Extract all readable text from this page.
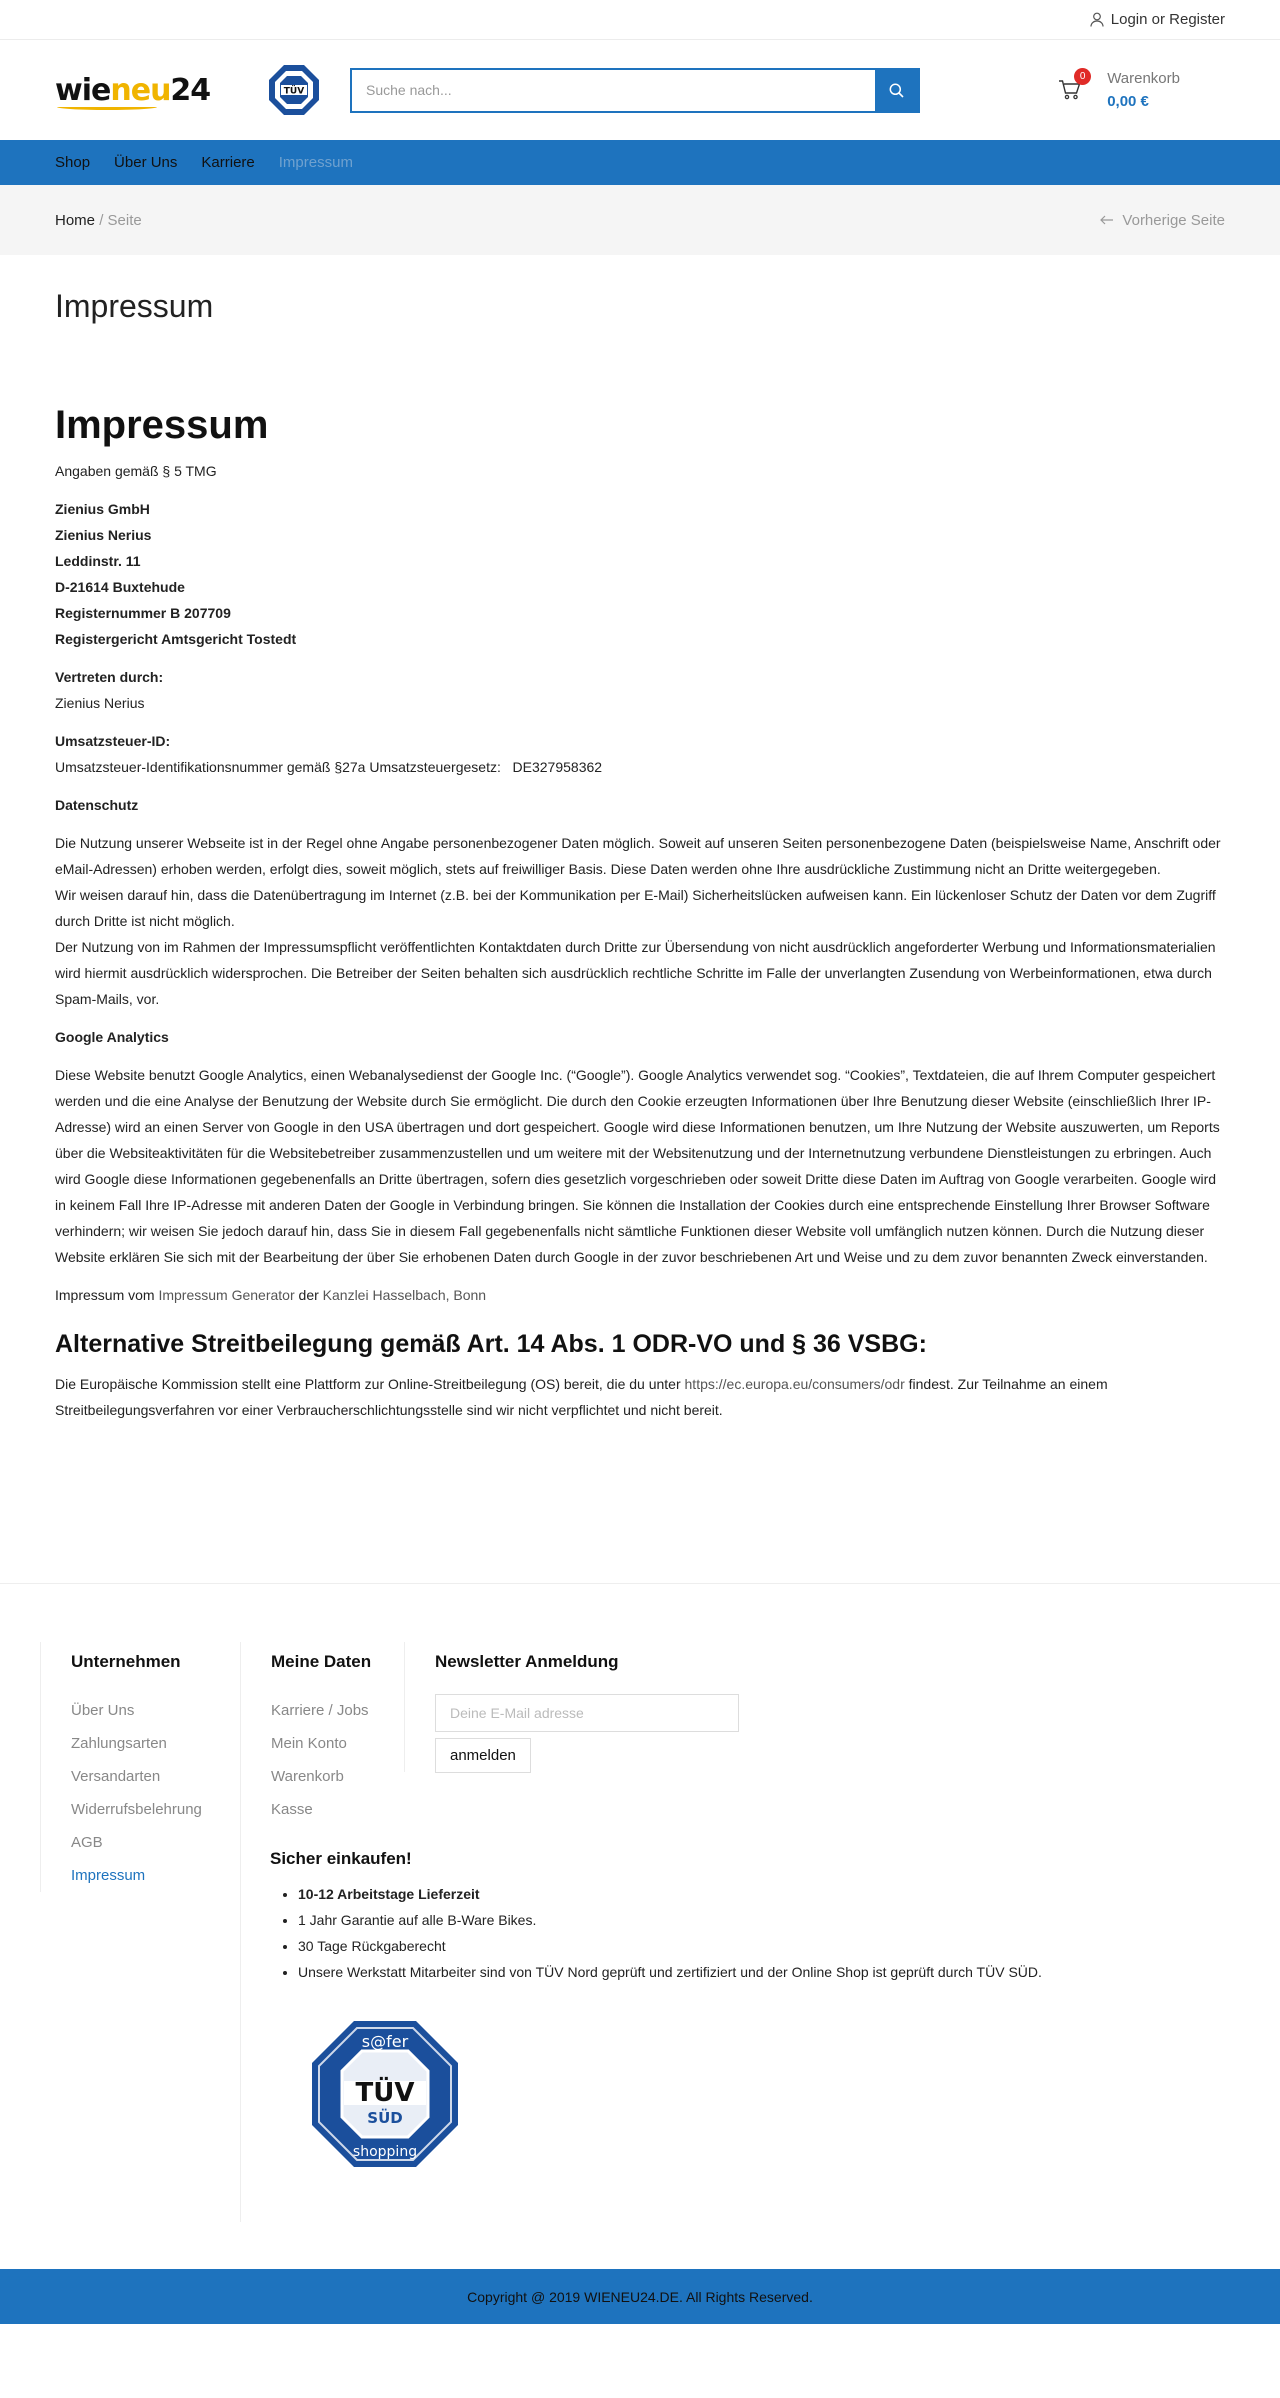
Login or Register
wieneu24	TÜV
Suche nach...
0	Warenkorb
0,00 €
Shop Über Uns Karriere Impressum
Home / Seite	Vorherige Seite
Impressum
Impressum

Angaben gemäß § 5 TMG

Zienius GmbH
Zienius Nerius
Leddinstr. 11
D-21614 Buxtehude
Registernummer B 207709
Registergericht Amtsgericht Tostedt
Vertreten durch:
Zienius Nerius
Umsatzsteuer-ID:
Umsatzsteuer-Identifikationsnummer gemäß §27a Umsatzsteuergesetz:   DE327958362
Datenschutz

Die Nutzung unserer Webseite ist in der Regel ohne Angabe personenbezogener Daten möglich. Soweit auf unseren Seiten personenbezogene Daten (beispielsweise Name, Anschrift oder eMail-Adressen) erhoben werden, erfolgt dies, soweit möglich, stets auf freiwilliger Basis. Diese Daten werden ohne Ihre ausdrückliche Zustimmung nicht an Dritte weitergegeben.

Wir weisen darauf hin, dass die Datenübertragung im Internet (z.B. bei der Kommunikation per E-Mail) Sicherheitslücken aufweisen kann. Ein lückenloser Schutz der Daten vor dem Zugriff durch Dritte ist nicht möglich.

Der Nutzung von im Rahmen der Impressumspflicht veröffentlichten Kontaktdaten durch Dritte zur Übersendung von nicht ausdrücklich angeforderter Werbung und Informationsmaterialien wird hiermit ausdrücklich widersprochen. Die Betreiber der Seiten behalten sich ausdrücklich rechtliche Schritte im Falle der unverlangten Zusendung von Werbeinformationen, etwa durch Spam-Mails, vor.

Google Analytics

Diese Website benutzt Google Analytics, einen Webanalysedienst der Google Inc. (“Google”). Google Analytics verwendet sog. “Cookies”, Textdateien, die auf Ihrem Computer gespeichert werden und die eine Analyse der Benutzung der Website durch Sie ermöglicht. Die durch den Cookie erzeugten Informationen über Ihre Benutzung dieser Website (einschließlich Ihrer IP-Adresse) wird an einen Server von Google in den USA übertragen und dort gespeichert. Google wird diese Informationen benutzen, um Ihre Nutzung der Website auszuwerten, um Reports über die Websiteaktivitäten für die Websitebetreiber zusammenzustellen und um weitere mit der Websitenutzung und der Internetnutzung verbundene Dienstleistungen zu erbringen. Auch wird Google diese Informationen gegebenenfalls an Dritte übertragen, sofern dies gesetzlich vorgeschrieben oder soweit Dritte diese Daten im Auftrag von Google verarbeiten. Google wird in keinem Fall Ihre IP-Adresse mit anderen Daten der Google in Verbindung bringen. Sie können die Installation der Cookies durch eine entsprechende Einstellung Ihrer Browser Software verhindern; wir weisen Sie jedoch darauf hin, dass Sie in diesem Fall gegebenenfalls nicht sämtliche Funktionen dieser Website voll umfänglich nutzen können. Durch die Nutzung dieser Website erklären Sie sich mit der Bearbeitung der über Sie erhobenen Daten durch Google in der zuvor beschriebenen Art und Weise und zu dem zuvor benannten Zweck einverstanden.

Impressum vom Impressum Generator der Kanzlei Hasselbach, Bonn

Alternative Streitbeilegung gemäß Art. 14 Abs. 1 ODR-VO und § 36 VSBG:

Die Europäische Kommission stellt eine Plattform zur Online-Streitbeilegung (OS) bereit, die du unter https://ec.europa.eu/consumers/odr findest. Zur Teilnahme an einem Streitbeilegungsverfahren vor einer Verbraucherschlichtungsstelle sind wir nicht verpflichtet und nicht bereit.

Unternehmen
Über Uns
Zahlungsarten
Versandarten
Widerrufsbelehrung
AGB
Impressum
Meine Daten
Karriere / Jobs
Mein Konto
Warenkorb
Kasse
Newsletter Anmeldung
Deine E-Mail adresse anmelden
Sicher einkaufen!
• 10-12 Arbeitstage Lieferzeit
• 1 Jahr Garantie auf alle B-Ware Bikes.
• 30 Tage Rückgaberecht
• Unsere Werkstatt Mitarbeiter sind von TÜV Nord geprüft und zertifiziert und der Online Shop ist geprüft durch TÜV SÜD.
s@fer
TÜV
SÜD
shopping
Copyright @ 2019 WIENEU24.DE. All Rights Reserved.
